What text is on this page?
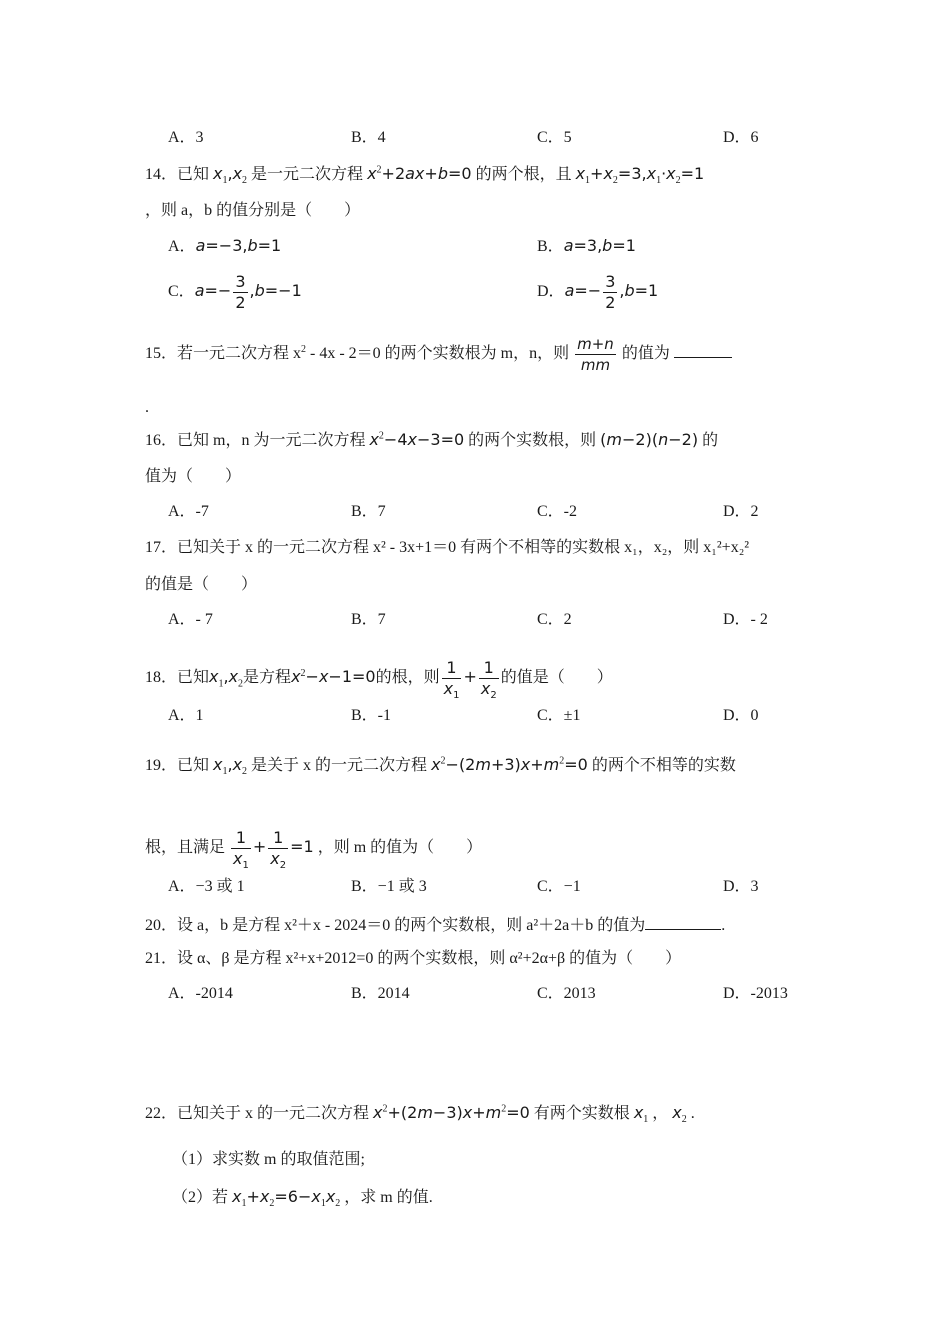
A．3	B．4	C．5	D．6
14．已知 $x_1,x_2$ 是一元二次方程 $x^2+2ax+b=0$ 的两个根，且 $x_1+x_2=3,x_1\cdot x_2=1$
，则 a，b 的值分别是（　　）
A．a=−3,b=1	B．a=3,b=1
C．$a=- \frac{3}{2} ,b=-1$	D．$a=- \frac{3}{2} ,b=1$
15．若一元二次方程 $x^2 - 4x - 2=0$ 的两个实数根为 m，n，则 $\frac{m+n}{mm}$ 的值为
.
16．已知 m，n 为一元二次方程 $x^2-4x-3=0$ 的两个实数根，则 (m−2)(n−2) 的
值为（　　）
A．-7	B．7	C．-2	D．2
17．已知关于 x 的一元二次方程 x² - 3x+1＝0 有两个不相等的实数根 x₁，x₂，则 x₁²+x₂²
的值是（　　）
A．- 7	B．7	C．2	D．- 2
18．已知$x_1,x_2$是方程$x^2-x-1=0$的根，则 $\frac{1}{x_1} + \frac{1}{x_2}$ 的值是（　　）
A．1	B．-1	C．±1	D．0
19．已知 $x_1,x_2$ 是关于 x 的一元二次方程 $x^2-(2m+3)x+m^2=0$ 的两个不相等的实数
根，且满足 $\frac{1}{x_1} + \frac{1}{x_2} =1$ ，则 m 的值为（　　）
A．−3 或 1	B．−1 或 3	C．−1	D．3
20．设 a，b 是方程 x²＋x - 2024＝0 的两个实数根，则 a²＋2a＋b 的值为	.
21．设 α、β 是方程 x²+x+2012=0 的两个实数根，则 α²+2α+β 的值为（　　）
A．-2014	B．2014	C．2013	D．-2013
22．已知关于 x 的一元二次方程 $x^2+(2m-3)x+m^2=0$ 有两个实数根 $x_1$ ， $x_2$ .
（1）求实数 m 的取值范围;
（2）若 $x_1+x_2=6-x_1x_2$ ，求 m 的值.
